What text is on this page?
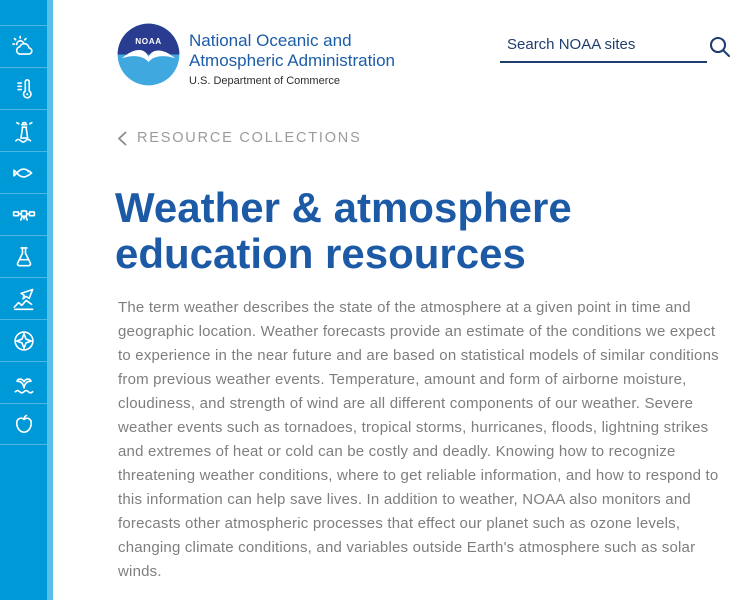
NOAA National Oceanic and
Atmospheric Administration
U.S. Department of Commerce
Search NOAA sites
RESOURCE COLLECTIONS
Weather & atmosphere
education resources

The term weather describes the state of the atmosphere at a given point in time and geographic location. Weather forecasts provide an estimate of the conditions we expect to experience in the near future and are based on statistical models of similar conditions from previous weather events. Temperature, amount and form of airborne moisture, cloudiness, and strength of wind are all different components of our weather. Severe weather events such as tornadoes, tropical storms, hurricanes, floods, lightning strikes and extremes of heat or cold can be costly and deadly. Knowing how to recognize threatening weather conditions, where to get reliable information, and how to respond to this information can help save lives. In addition to weather, NOAA also monitors and forecasts other atmospheric processes that effect our planet such as ozone levels, changing climate conditions, and variables outside Earth's atmosphere such as solar winds.
